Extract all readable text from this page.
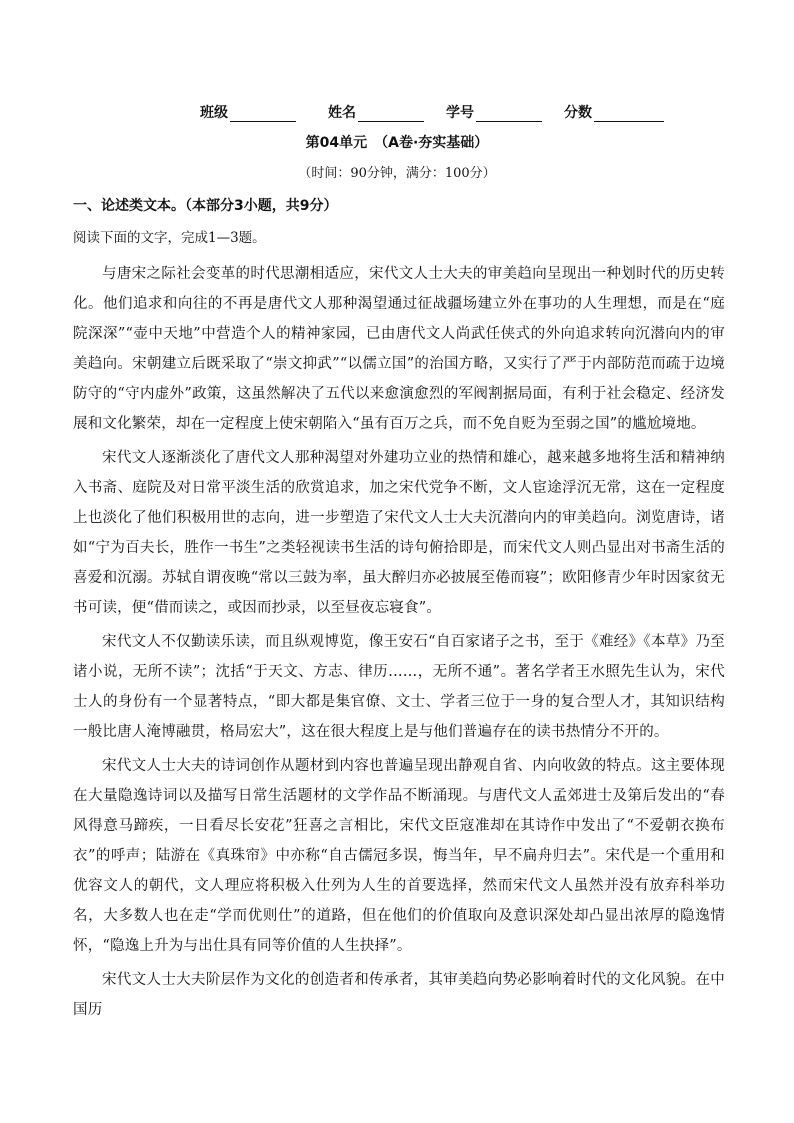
班级	姓名	学号	分数
第04单元　（A卷·夯实基础）
（时间：90分钟，满分：100分）
一、论述类文本。（本部分3小题，共9分）
阅读下面的文字，完成1—3题。

与唐宋之际社会变革的时代思潮相适应，宋代文人士大夫的审美趋向呈现出一种划时代的历史转化。他们追求和向往的不再是唐代文人那种渴望通过征战疆场建立外在事功的人生理想，而是在“庭院深深”“壶中天地”中营造个人的精神家园，已由唐代文人尚武任侠式的外向追求转向沉潜向内的审美趋向。宋朝建立后既采取了“崇文抑武”“以儒立国”的治国方略，又实行了严于内部防范而疏于边境防守的“守内虚外”政策，这虽然解决了五代以来愈演愈烈的军阀割据局面，有利于社会稳定、经济发展和文化繁荣，却在一定程度上使宋朝陷入“虽有百万之兵，而不免自贬为至弱之国”的尴尬境地。

宋代文人逐渐淡化了唐代文人那种渴望对外建功立业的热情和雄心，越来越多地将生活和精神纳入书斋、庭院及对日常平淡生活的欣赏追求，加之宋代党争不断，文人宦途浮沉无常，这在一定程度上也淡化了他们积极用世的志向，进一步塑造了宋代文人士大夫沉潜向内的审美趋向。浏览唐诗，诸如“宁为百夫长，胜作一书生”之类轻视读书生活的诗句俯拾即是，而宋代文人则凸显出对书斋生活的喜爱和沉溺。苏轼自谓夜晚“常以三鼓为率，虽大醉归亦必披展至倦而寝”；欧阳修青少年时因家贫无书可读，便“借而读之，或因而抄录，以至昼夜忘寝食”。

宋代文人不仅勤读乐读，而且纵观博览，像王安石“自百家诸子之书，至于《难经》《本草》乃至诸小说，无所不读”；沈括“于天文、方志、律历……，无所不通”。著名学者王水照先生认为，宋代士人的身份有一个显著特点，“即大都是集官僚、文士、学者三位于一身的复合型人才，其知识结构一般比唐人淹博融贯，格局宏大”，这在很大程度上是与他们普遍存在的读书热情分不开的。

宋代文人士大夫的诗词创作从题材到内容也普遍呈现出静观自省、内向收敛的特点。这主要体现在大量隐逸诗词以及描写日常生活题材的文学作品不断涌现。与唐代文人孟郊进士及第后发出的“春风得意马蹄疾，一日看尽长安花”狂喜之言相比，宋代文臣寇准却在其诗作中发出了“不爱朝衣换布衣”的呼声；陆游在《真珠帘》中亦称“自古儒冠多误，悔当年，早不扁舟归去”。宋代是一个重用和优容文人的朝代，文人理应将积极入仕列为人生的首要选择，然而宋代文人虽然并没有放弃科举功名，大多数人也在走“学而优则仕”的道路，但在他们的价值取向及意识深处却凸显出浓厚的隐逸情怀，“隐逸上升为与出仕具有同等价值的人生抉择”。

宋代文人士大夫阶层作为文化的创造者和传承者，其审美趋向势必影响着时代的文化风貌。在中国历
